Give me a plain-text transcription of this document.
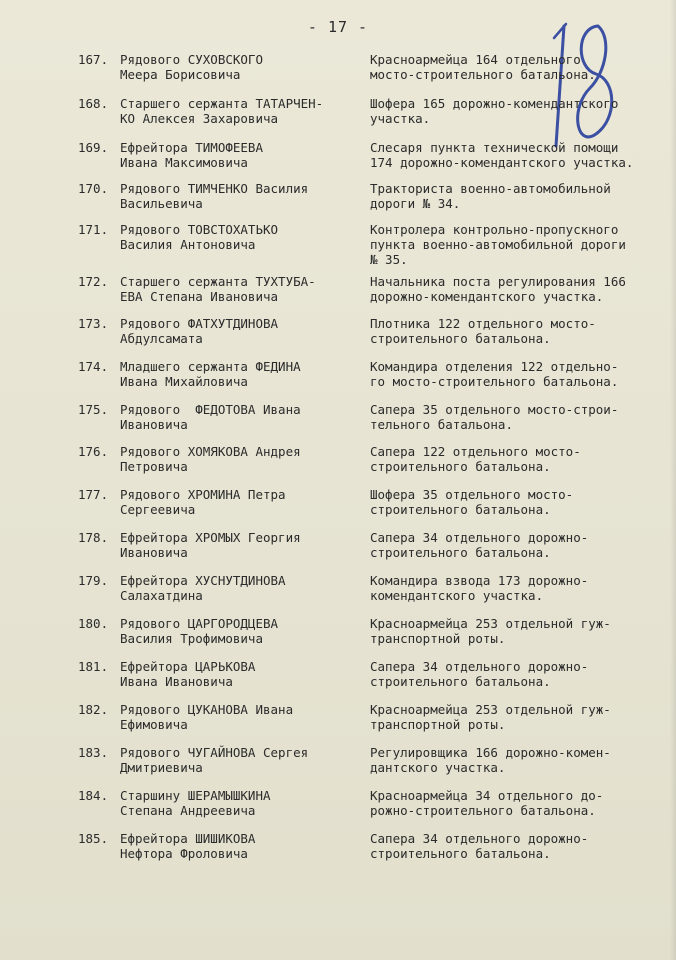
- 17 -
167. Рядового СУХОВСКОГО
Меера Борисовича
Красноармейца 164 отдельного
мосто-строительного батальона.
168. Старшего сержанта ТАТАРЧЕН-
КО Алексея Захаровича
Шофера 165 дорожно-комендантского
участка.
169. Ефрейтора ТИМОФЕЕВА
Ивана Максимовича
Слесаря пункта технической помощи
174 дорожно-комендантского участка.
170. Рядового ТИМЧЕНКО Василия
Васильевича
Тракториста военно-автомобильной
дороги № 34.
171. Рядового ТОВСТОХАТЬКО
Василия Антоновича
Контролера контрольно-пропускного
пункта военно-автомобильной дороги
№ 35.
172. Старшего сержанта ТУХТУБА-
ЕВА Степана Ивановича
Начальника поста регулирования 166
дорожно-комендантского участка.
173. Рядового ФАТХУТДИНОВА
Абдулсамата
Плотника 122 отдельного мосто-
строительного батальона.
174. Младшего сержанта ФЕДИНА
Ивана Михайловича
Командира отделения 122 отдельно-
го мосто-строительного батальона.
175. Рядового  ФЕДОТОВА Ивана
Ивановича
Сапера 35 отдельного мосто-строи-
тельного батальона.
176. Рядового ХОМЯКОВА Андрея
Петровича
Сапера 122 отдельного мосто-
строительного батальона.
177. Рядового ХРОМИНА Петра
Сергеевича
Шофера 35 отдельного мосто-
строительного батальона.
178. Ефрейтора ХРОМЫХ Георгия
Ивановича
Сапера 34 отдельного дорожно-
строительного батальона.
179. Ефрейтора ХУСНУТДИНОВА
Салахатдина
Командира взвода 173 дорожно-
комендантского участка.
180. Рядового ЦАРГОРОДЦЕВА
Василия Трофимовича
Красноармейца 253 отдельной гуж-
транспортной роты.
181. Ефрейтора ЦАРЬКОВА
Ивана Ивановича
Сапера 34 отдельного дорожно-
строительного батальона.
182. Рядового ЦУКАНОВА Ивана
Ефимовича
Красноармейца 253 отдельной гуж-
транспортной роты.
183. Рядового ЧУГАЙНОВА Сергея
Дмитриевича
Регулировщика 166 дорожно-комен-
дантского участка.
184. Старшину ШЕРАМЫШКИНА
Степана Андреевича
Красноармейца 34 отдельного до-
рожно-строительного батальона.
185. Ефрейтора ШИШИКОВА
Нефтора Фроловича
Сапера 34 отдельного дорожно-
строительного батальона.
